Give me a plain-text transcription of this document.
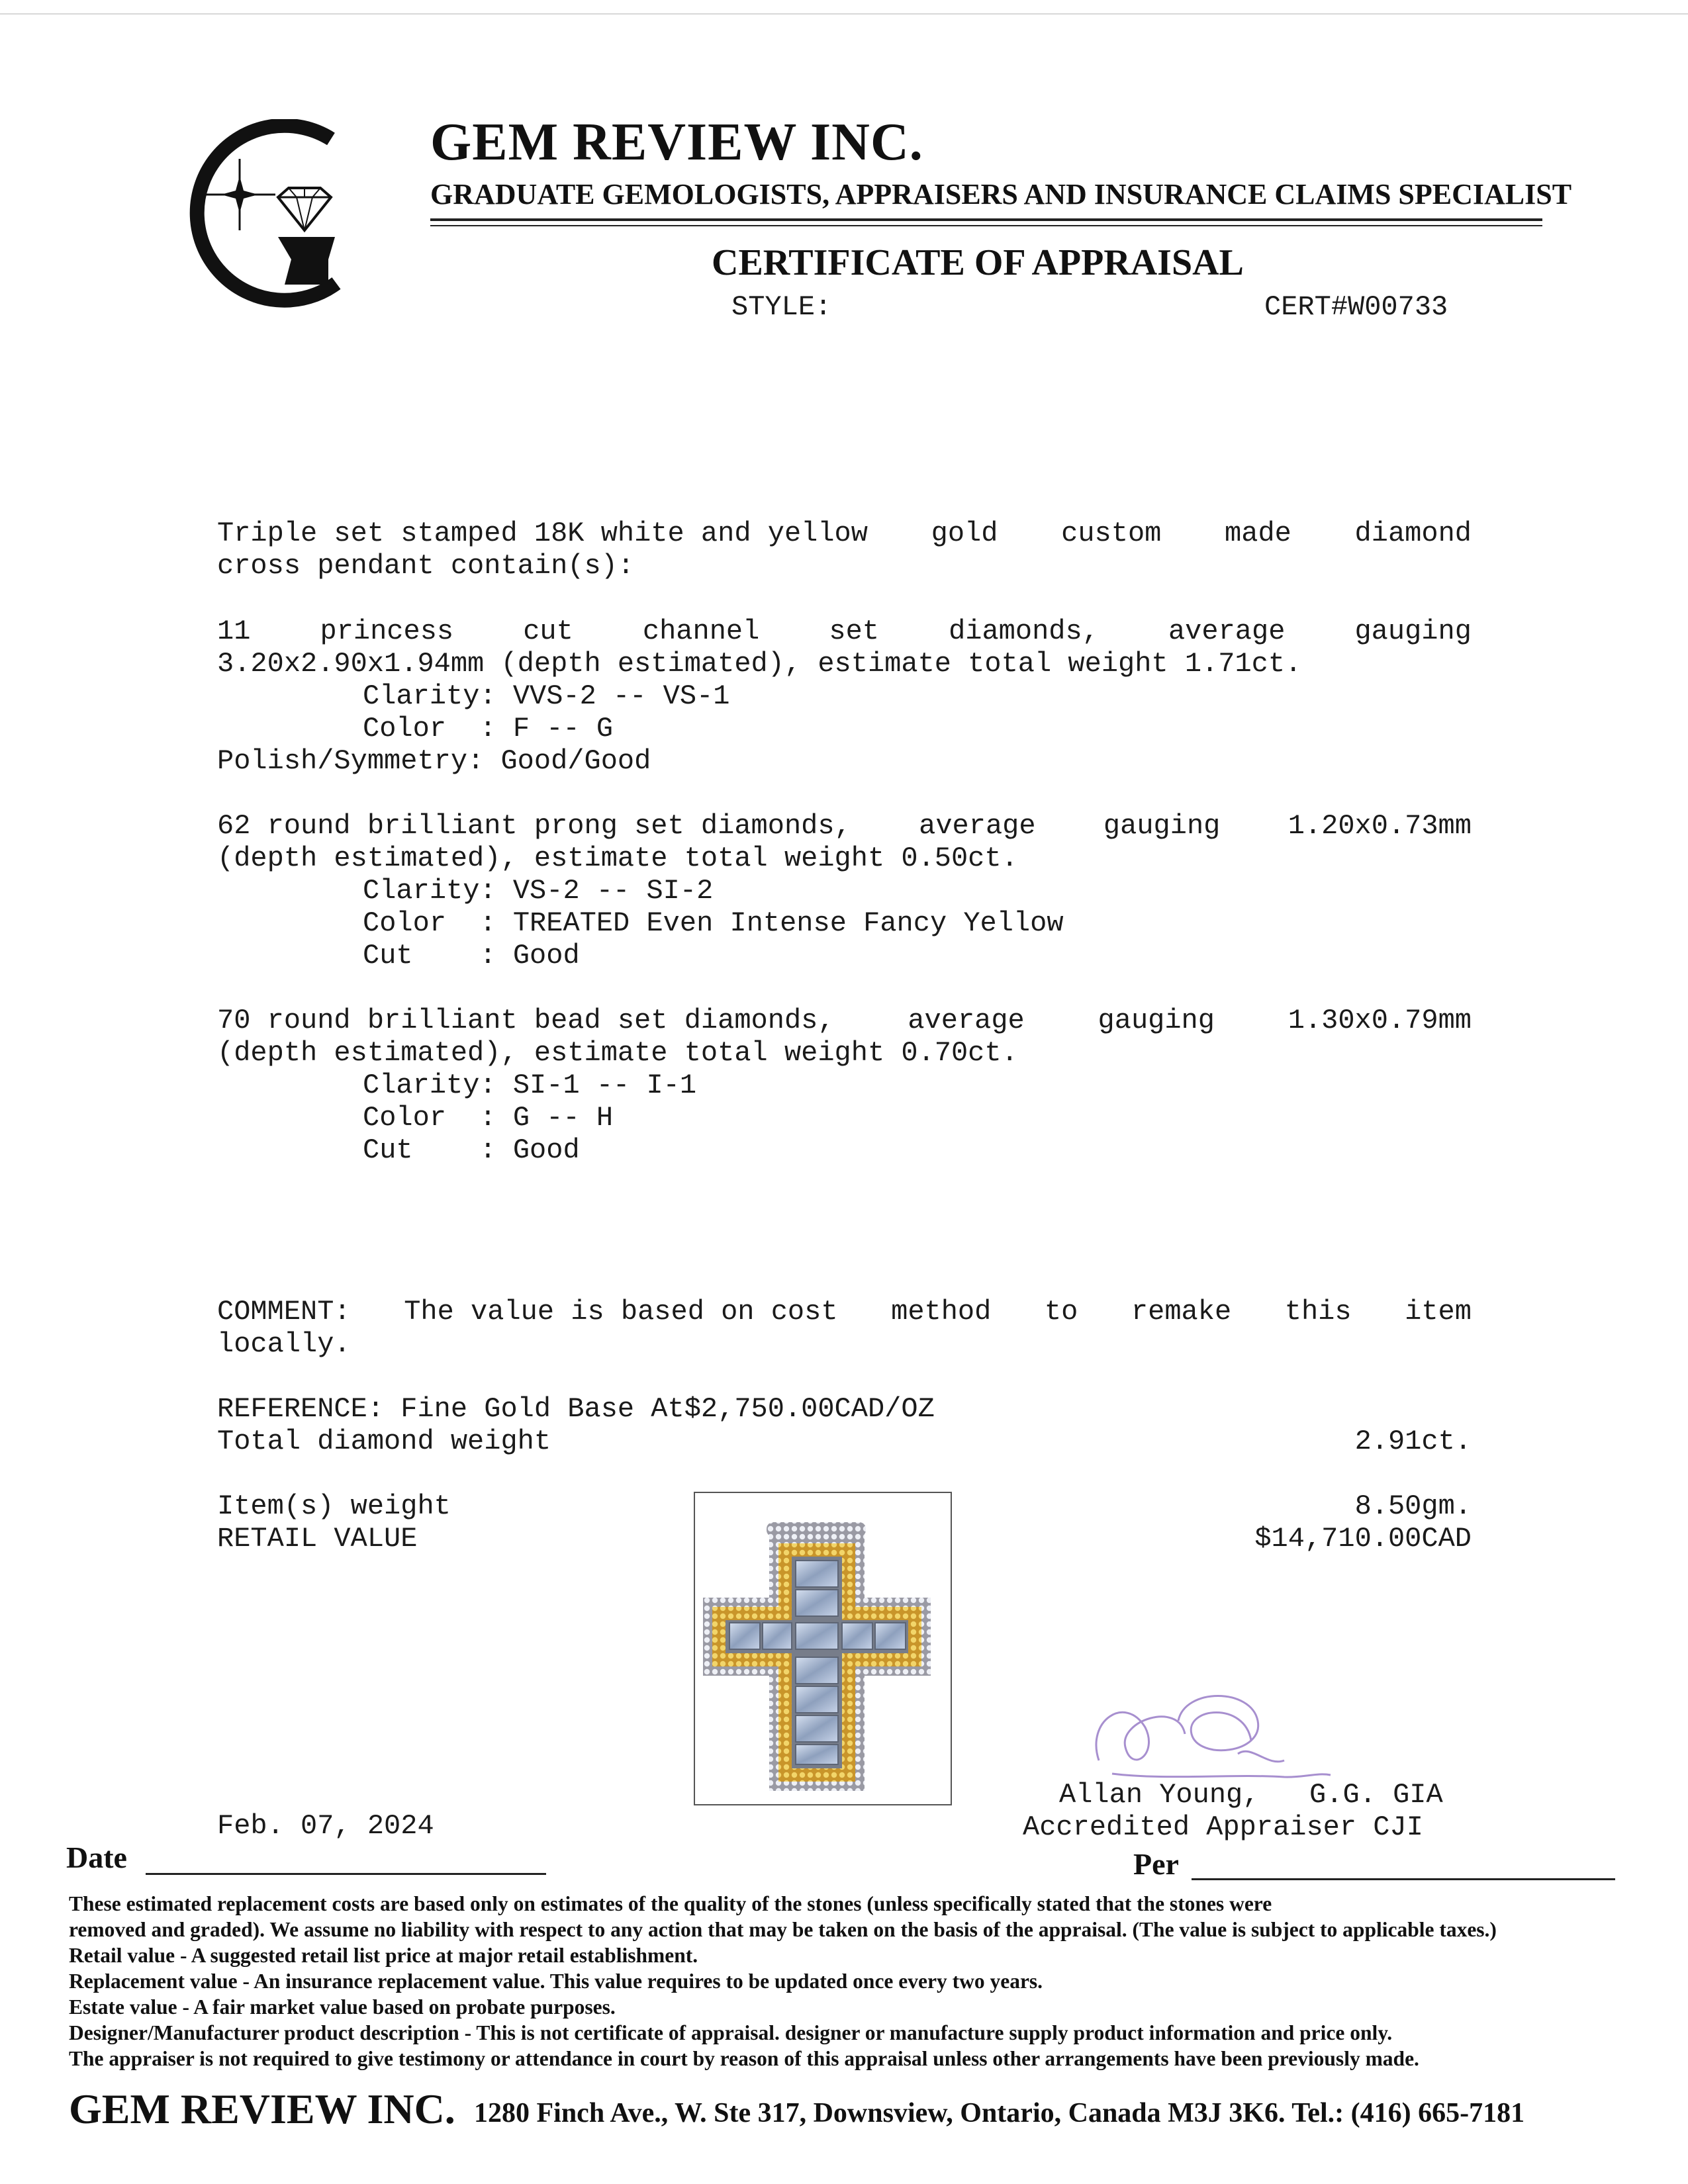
GEM REVIEW INC.
GRADUATE GEMOLOGISTS, APPRAISERS AND INSURANCE CLAIMS SPECIALIST
CERTIFICATE OF APPRAISAL
STYLE:	CERT#W00733
Triple set stamped 18K white and yellow gold custom made diamond
cross pendant contain(s):
11	princess	cut	channel	set	diamonds,	average	gauging
3.20x2.90x1.94mm (depth estimated), estimate total weight 1.71ct.
Clarity: VVS-2 -- VS-1
Color  : F -- G
Polish/Symmetry: Good/Good
62 round brilliant prong set diamonds, average gauging 1.20x0.73mm
(depth estimated), estimate total weight 0.50ct.
Clarity: VS-2 -- SI-2
Color  : TREATED Even Intense Fancy Yellow
Cut    : Good
70 round brilliant bead set diamonds,	average	gauging	1.30x0.79mm
(depth estimated), estimate total weight 0.70ct.
Clarity: SI-1 -- I-1
Color  : G -- H
Cut    : Good
COMMENT: The value is based on cost method to remake this item
locally.
REFERENCE: Fine Gold Base At$2,750.00CAD/OZ
Total diamond weight	2.91ct.
Item(s) weight	8.50gm.
RETAIL VALUE	$14,710.00CAD
Allan Young,   G.G. GIA
Accredited Appraiser CJI
Feb. 07, 2024
Date	Per
These estimated replacement costs are based only on estimates of the quality of the stones (unless specifically stated that the stones were
removed and graded). We assume no liability with respect to any action that may be taken on the basis of the appraisal. (The value is subject to applicable taxes.)
Retail value - A suggested retail list price at major retail establishment.
Replacement value - An insurance replacement value. This value requires to be updated once every two years.
Estate value - A fair market value based on probate purposes.
Designer/Manufacturer product description - This is not certificate of appraisal. designer or manufacture supply product information and price only.
The appraiser is not required to give testimony or attendance in court by reason of this appraisal unless other arrangements have been previously made.
GEM REVIEW INC. 1280 Finch Ave., W. Ste 317, Downsview, Ontario, Canada M3J 3K6. Tel.: (416) 665-7181
